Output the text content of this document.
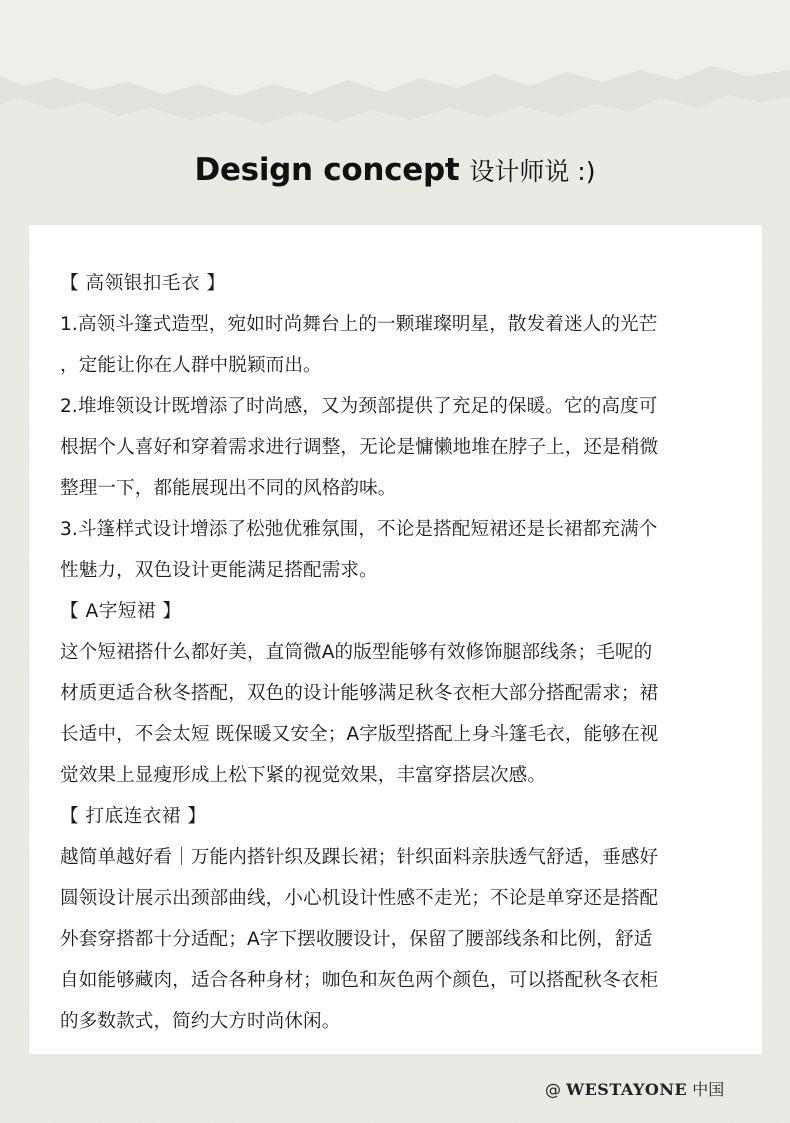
Design concept 设计师说 :)
【 高领银扣毛衣 】
1.高领斗篷式造型，宛如时尚舞台上的一颗璀璨明星，散发着迷人的光芒
，定能让你在人群中脱颖而出。
2.堆堆领设计既增添了时尚感，又为颈部提供了充足的保暖。它的高度可
根据个人喜好和穿着需求进行调整，无论是慵懒地堆在脖子上，还是稍微
整理一下，都能展现出不同的风格韵味。
3.斗篷样式设计增添了松弛优雅氛围，不论是搭配短裙还是长裙都充满个
性魅力，双色设计更能满足搭配需求。
【 A字短裙 】
这个短裙搭什么都好美，直筒微A的版型能够有效修饰腿部线条；毛呢的
材质更适合秋冬搭配，双色的设计能够满足秋冬衣柜大部分搭配需求；裙
长适中，不会太短 既保暖又安全；A字版型搭配上身斗篷毛衣，能够在视
觉效果上显瘦形成上松下紧的视觉效果，丰富穿搭层次感。
【 打底连衣裙 】
越简单越好看｜万能内搭针织及踝长裙；针织面料亲肤透气舒适，垂感好
圆领设计展示出颈部曲线，小心机设计性感不走光；不论是单穿还是搭配
外套穿搭都十分适配；A字下摆收腰设计，保留了腰部线条和比例，舒适
自如能够藏肉，适合各种身材；咖色和灰色两个颜色，可以搭配秋冬衣柜
的多数款式，简约大方时尚休闲。
@ WESTAYONE 中国
